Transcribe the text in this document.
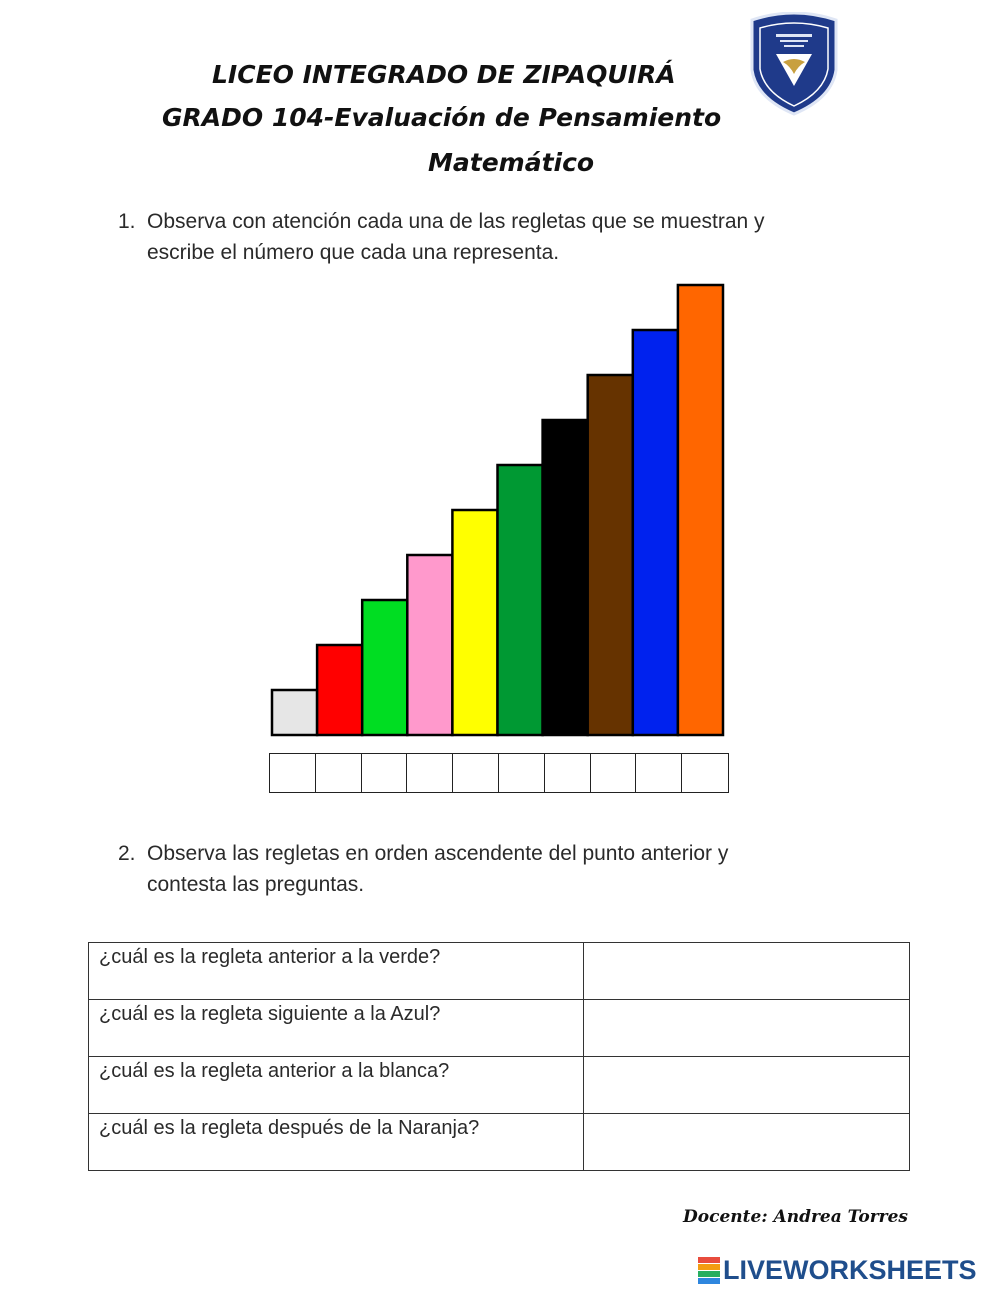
LICEO INTEGRADO DE ZIPAQUIRÁ
GRADO 104-Evaluación de Pensamiento
Matemático
1. Observa con atención cada una de las regletas que se muestran y
escribe el número que cada una representa.
2. Observa las regletas en orden ascendente del punto anterior y
contesta las preguntas.
¿cuál es la regleta anterior a la verde?	
¿cuál es la regleta siguiente a la Azul?	
¿cuál es la regleta anterior a la blanca?	
¿cuál es la regleta después de la Naranja?	
Docente: Andrea Torres
LIVEWORKSHEETS
